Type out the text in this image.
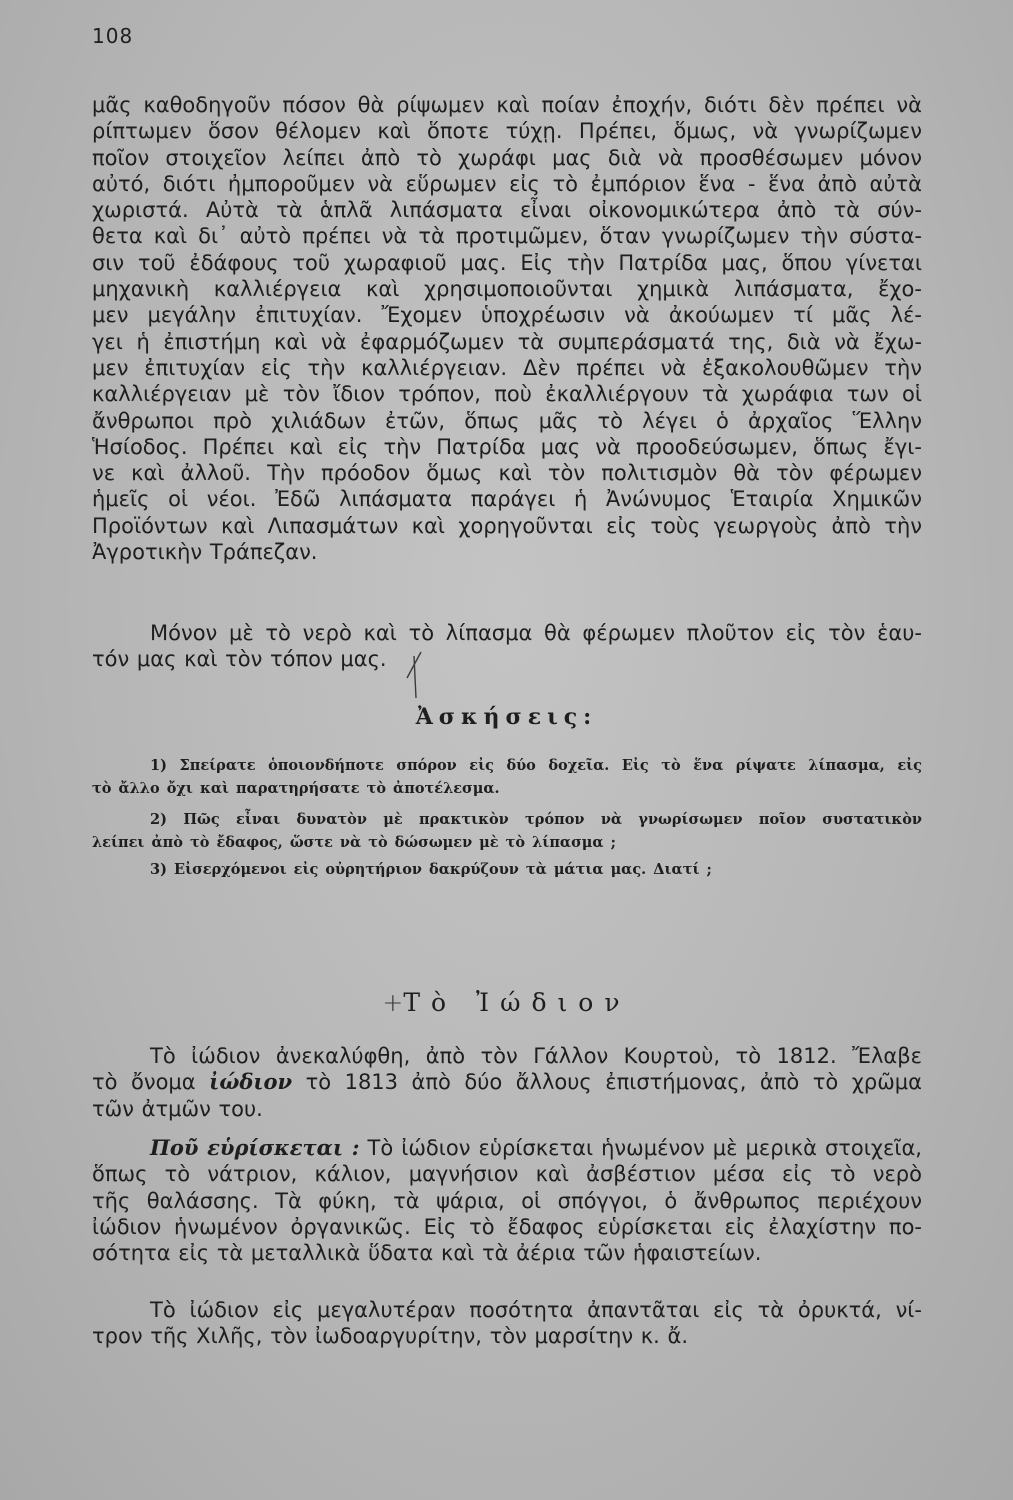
108
μᾶς καθοδηγοῦν πόσον θὰ ρίψωμεν καὶ ποίαν ἐποχήν, διότι δὲν πρέπει νὰ
ρίπτωμεν ὅσον θέλομεν καὶ ὅποτε τύχῃ. Πρέπει, ὅμως, νὰ γνωρίζωμεν
ποῖον στοιχεῖον λείπει ἀπὸ τὸ χωράφι μας διὰ νὰ προσθέσωμεν μόνον
αὐτό, διότι ἠμποροῦμεν νὰ εὕρωμεν εἰς τὸ ἐμπόριον ἕνα - ἕνα ἀπὸ αὐτὰ
χωριστά. Αὐτὰ τὰ ἁπλᾶ λιπάσματα εἶναι οἰκονομικώτερα ἀπὸ τὰ σύν-
θετα καὶ δι᾽ αὐτὸ πρέπει νὰ τὰ προτιμῶμεν, ὅταν γνωρίζωμεν τὴν σύστα-
σιν τοῦ ἐδάφους τοῦ χωραφιοῦ μας. Εἰς τὴν Πατρίδα μας, ὅπου γίνεται
μηχανικὴ καλλιέργεια καὶ χρησιμοποιοῦνται χημικὰ λιπάσματα, ἔχο-
μεν μεγάλην ἐπιτυχίαν. Ἔχομεν ὑποχρέωσιν νὰ ἀκούωμεν τί μᾶς λέ-
γει ἡ ἐπιστήμη καὶ νὰ ἐφαρμόζωμεν τὰ συμπεράσματά της, διὰ νὰ ἔχω-
μεν ἐπιτυχίαν εἰς τὴν καλλιέργειαν. Δὲν πρέπει νὰ ἐξακολουθῶμεν τὴν
καλλιέργειαν μὲ τὸν ἴδιον τρόπον, ποὺ ἐκαλλιέργουν τὰ χωράφια των οἱ
ἄνθρωποι πρὸ χιλιάδων ἐτῶν, ὅπως μᾶς τὸ λέγει ὁ ἀρχαῖος Ἕλλην
Ἡσίοδος. Πρέπει καὶ εἰς τὴν Πατρίδα μας νὰ προοδεύσωμεν, ὅπως ἔγι-
νε καὶ ἀλλοῦ. Τὴν πρόοδον ὅμως καὶ τὸν πολιτισμὸν θὰ τὸν φέρωμεν
ἡμεῖς οἱ νέοι. Ἐδῶ λιπάσματα παράγει ἡ Ἀνώνυμος Ἑταιρία Χημικῶν
Προϊόντων καὶ Λιπασμάτων καὶ χορηγοῦνται εἰς τοὺς γεωργοὺς ἀπὸ τὴν
Ἀγροτικὴν Τράπεζαν.
Μόνον μὲ τὸ νερὸ καὶ τὸ λίπασμα θὰ φέρωμεν πλοῦτον εἰς τὸν ἑαυ-
τόν μας καὶ τὸν τόπον μας.
Ἀσκήσεις:
1) Σπείρατε ὁποιονδήποτε σπόρον εἰς δύο δοχεῖα. Εἰς τὸ ἕνα ρίψατε λίπασμα, εἰς
τὸ ἄλλο ὄχι καὶ παρατηρήσατε τὸ ἀποτέλεσμα.
2) Πῶς εἶναι δυνατὸν μὲ πρακτικὸν τρόπον νὰ γνωρίσωμεν ποῖον συστατικὸν
λείπει ἀπὸ τὸ ἔδαφος, ὥστε νὰ τὸ δώσωμεν μὲ τὸ λίπασμα ;
3) Εἰσερχόμενοι εἰς οὐρητήριον δακρύζουν τὰ μάτια μας. Διατί ;
+Τὸ Ἰώδιον
Τὸ ἰώδιον ἀνεκαλύφθη, ἀπὸ τὸν Γάλλον Κουρτοὺ, τὸ 1812. Ἔλαβε
τὸ ὄνομα ἰώδιον τὸ 1813 ἀπὸ δύο ἄλλους ἐπιστήμονας, ἀπὸ τὸ χρῶμα
τῶν ἀτμῶν του.
Ποῦ εὑρίσκεται : Τὸ ἰώδιον εὑρίσκεται ἡνωμένον μὲ μερικὰ στοιχεῖα,
ὅπως τὸ νάτριον, κάλιον, μαγνήσιον καὶ ἀσβέστιον μέσα εἰς τὸ νερὸ
τῆς θαλάσσης. Τὰ φύκη, τὰ ψάρια, οἱ σπόγγοι, ὁ ἄνθρωπος περιέχουν
ἰώδιον ἡνωμένον ὀργανικῶς. Εἰς τὸ ἔδαφος εὑρίσκεται εἰς ἐλαχίστην πο-
σότητα εἰς τὰ μεταλλικὰ ὕδατα καὶ τὰ ἀέρια τῶν ἡφαιστείων.
Τὸ ἰώδιον εἰς μεγαλυτέραν ποσότητα ἀπαντᾶται εἰς τὰ ὀρυκτά, νί-
τρον τῆς Χιλῆς, τὸν ἰωδοαργυρίτην, τὸν μαρσίτην κ. ἄ.
